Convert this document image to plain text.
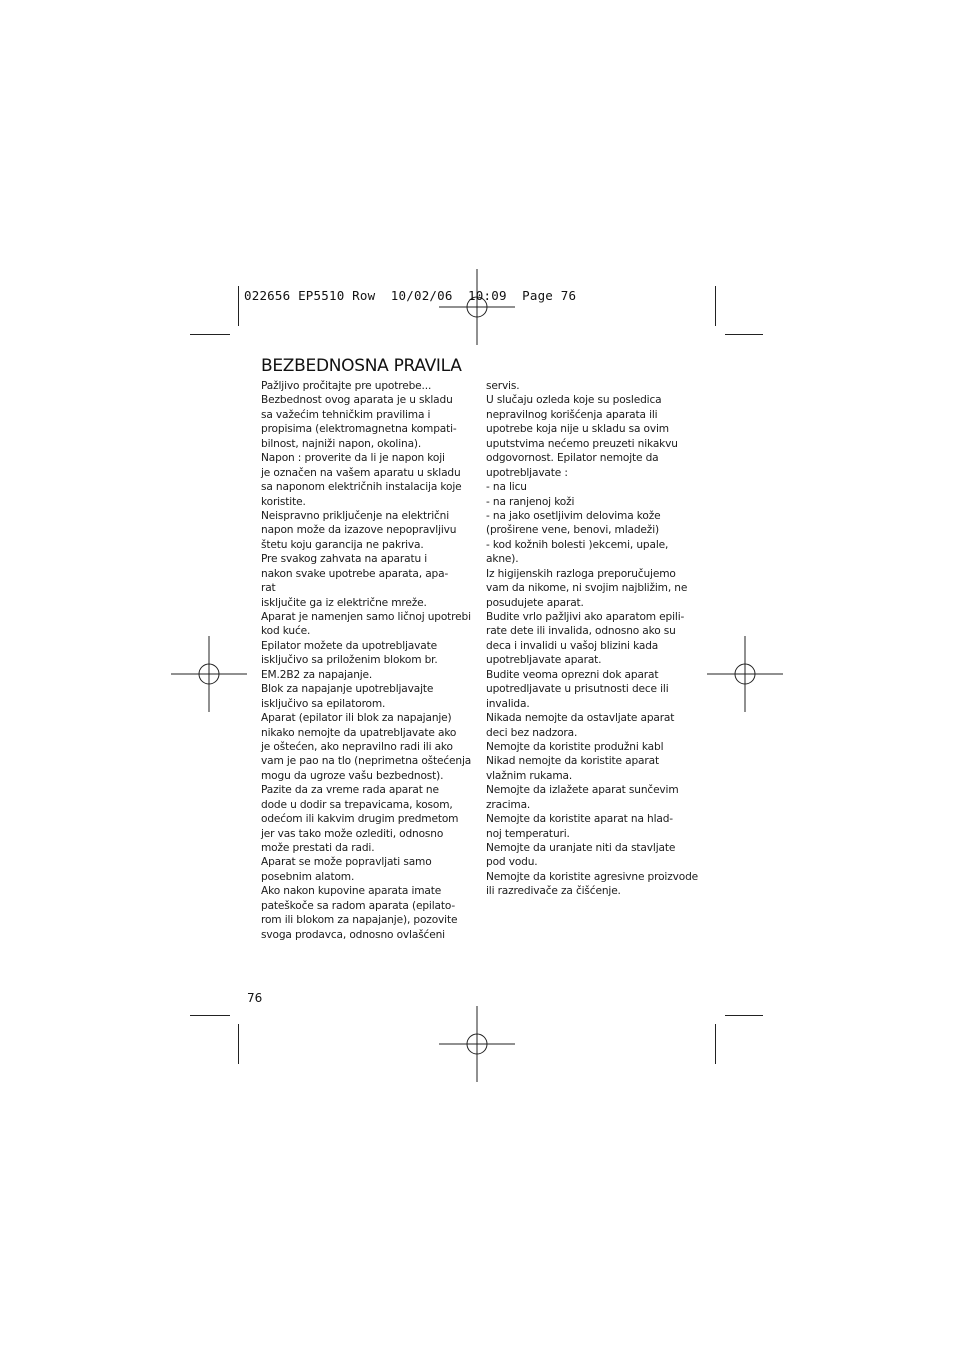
022656 EP5510 Row  10/02/06  10:09  Page 76
BEZBEDNOSNA PRAVILA
Pažljivo pročitajte pre upotrebe...
Bezbednost ovog aparata je u skladu
sa važećim tehničkim pravilima i
propisima (elektromagnetna kompati-
bilnost, najniži napon, okolina).
Napon : proverite da li je napon koji
je označen na vašem aparatu u skladu
sa naponom električnih instalacija koje
koristite.
Neispravno priključenje na električni
napon može da izazove nepopravljivu
štetu koju garancija ne pakriva.
Pre svakog zahvata na aparatu i
nakon svake upotrebe aparata, apa-
rat
isključite ga iz električne mreže.
Aparat je namenjen samo ličnoj upotrebi
kod kuće.
Epilator možete da upotrebljavate
isključivo sa priloženim blokom br.
EM.2B2 za napajanje.
Blok za napajanje upotrebljavajte
isključivo sa epilatorom.
Aparat (epilator ili blok za napajanje)
nikako nemojte da upatrebljavate ako
je oštećen, ako nepravilno radi ili ako
vam je pao na tlo (neprimetna oštećenja
mogu da ugroze vašu bezbednost).
Pazite da za vreme rada aparat ne
dode u dodir sa trepavicama, kosom,
odećom ili kakvim drugim predmetom
jer vas tako može ozlediti, odnosno
može prestati da radi.
Aparat se može popravljati samo
posebnim alatom.
Ako nakon kupovine aparata imate
pateškoče sa radom aparata (epilato-
rom ili blokom za napajanje), pozovite
svoga prodavca, odnosno ovlašćeni
servis.
U slučaju ozleda koje su posledica
nepravilnog korišćenja aparata ili
upotrebe koja nije u skladu sa ovim
uputstvima nećemo preuzeti nikakvu
odgovornost. Epilator nemojte da
upotrebljavate :
- na licu
- na ranjenoj koži
- na jako osetljivim delovima kože
(proširene vene, benovi, mladeži)
- kod kožnih bolesti )ekcemi, upale,
akne).
Iz higijenskih razloga preporučujemo
vam da nikome, ni svojim najbližim, ne
posudujete aparat.
Budite vrlo pažljivi ako aparatom epili-
rate dete ili invalida, odnosno ako su
deca i invalidi u vašoj blizini kada
upotrebljavate aparat.
Budite veoma oprezni dok aparat
upotredljavate u prisutnosti dece ili
invalida.
Nikada nemojte da ostavljate aparat
deci bez nadzora.
Nemojte da koristite produžni kabl
Nikad nemojte da koristite aparat
vlažnim rukama.
Nemojte da izlažete aparat sunčevim
zracima.
Nemojte da koristite aparat na hlad-
noj temperaturi.
Nemojte da uranjate niti da stavljate
pod vodu.
Nemojte da koristite agresivne proizvode
ili razredivače za čišćenje.
76
